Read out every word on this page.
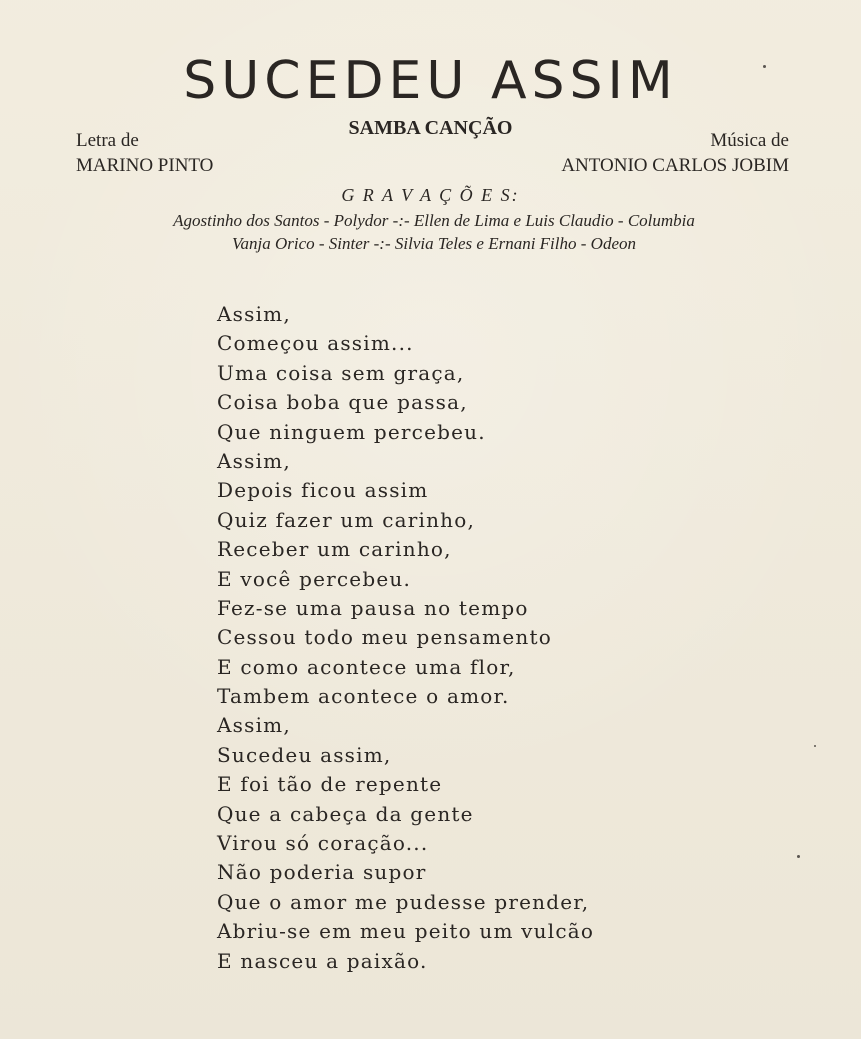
SUCEDEU ASSIM
SAMBA CANÇÃO
Letra de
MARINO PINTO
Música de
ANTONIO CARLOS JOBIM
G R A V A Ç Õ E S:
Agostinho dos Santos - Polydor -:- Ellen de Lima e Luis Claudio - Columbia
Vanja Orico - Sinter -:- Silvia Teles e Ernani Filho - Odeon
Assim,
Começou assim...
Uma coisa sem graça,
Coisa boba que passa,
Que ninguem percebeu.
Assim,
Depois ficou assim
Quiz fazer um carinho,
Receber um carinho,
E você percebeu.
Fez-se uma pausa no tempo
Cessou todo meu pensamento
E como acontece uma flor,
Tambem acontece o amor.
Assim,
Sucedeu assim,
E foi tão de repente
Que a cabeça da gente
Virou só coração...
Não poderia supor
Que o amor me pudesse prender,
Abriu-se em meu peito um vulcão
E nasceu a paixão.
